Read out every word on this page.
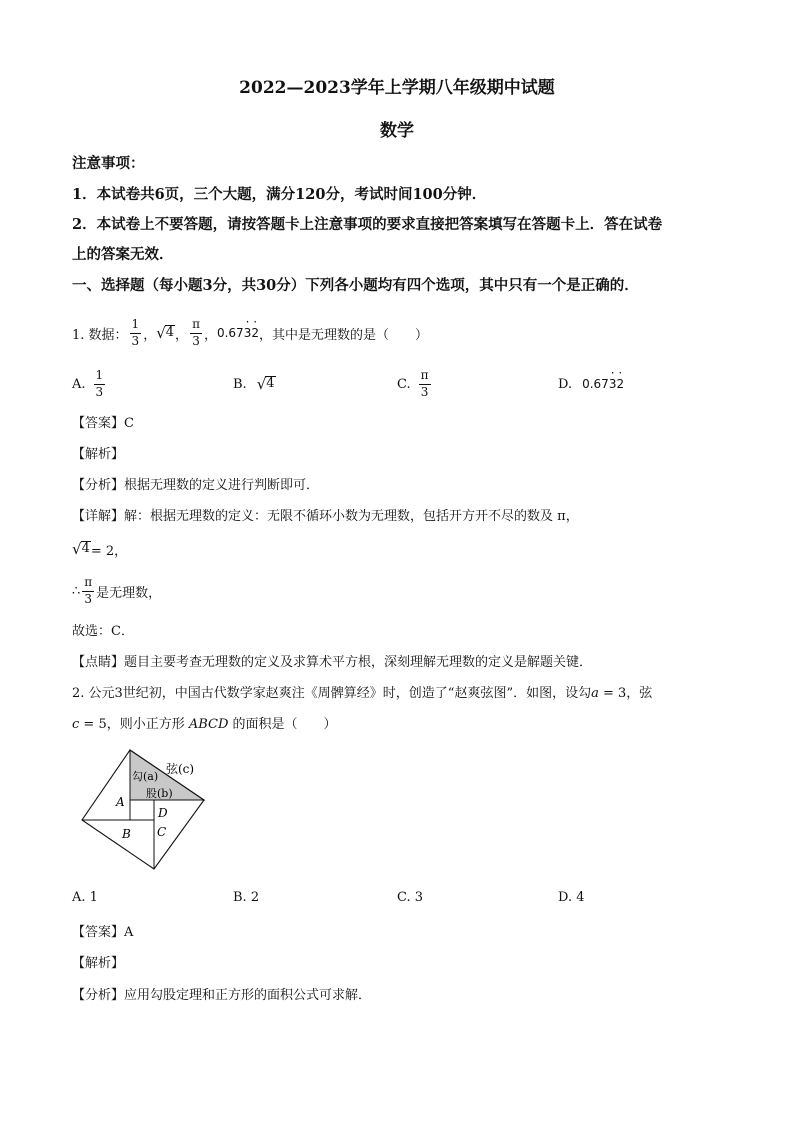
2022—2023学年上学期八年级期中试题
数学
注意事项：
1．本试卷共6页，三个大题，满分120分，考试时间100分钟．
2．本试卷上不要答题，请按答题卡上注意事项的要求直接把答案填写在答题卡上．答在试卷
上的答案无效．
一、选择题（每小题3分，共30分）下列各小题均有四个选项，其中只有一个是正确的．
1. 数据： $\frac{1}{3}$ ， √ 4 ， $\frac{\pi}{3}$ ， 0.67· 3· 2 ，其中是无理数的是（　　）
A. $\frac{1}{3}$	B. √ 4	C. $\frac{\pi}{3}$	D. 0.67· 3· 2
【答案】C
【解析】
【分析】根据无理数的定义进行判断即可．
【详解】解：根据无理数的定义：无限不循环小数为无理数，包括开方开不尽的数及 π，
√ 4 = 2，
∴ $\frac{\pi}{3}$ 是无理数，
故选：C．
【点睛】题目主要考查无理数的定义及求算术平方根，深刻理解无理数的定义是解题关键．
2. 公元3世纪初，中国古代数学家赵爽注《周髀算经》时，创造了“赵爽弦图”．如图，设勾a = 3，弦
c = 5，则小正方形 ABCD 的面积是（　　）
弦(c)
勾(a)
股(b)
A
D
B C
A. 1	B. 2	C. 3	D. 4
【答案】A
【解析】
【分析】应用勾股定理和正方形的面积公式可求解．
